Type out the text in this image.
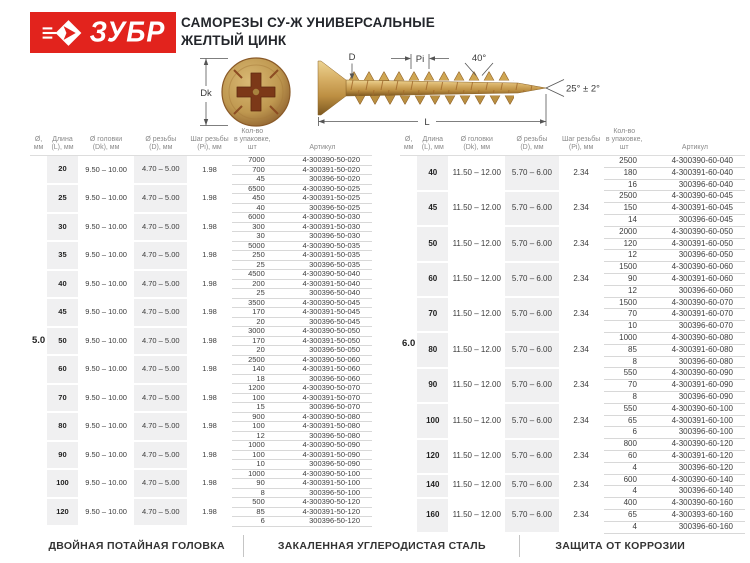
ЗУБР САМОРЕЗЫ СУ-Ж УНИВЕРСАЛЬНЫЕ
ЖЕЛТЫЙ ЦИНК
Dk
D	Pi	40°
25° ± 2°
L
Ø,
мм

Длина
(L), мм

Ø головки
(Dk), мм

Ø резьбы
(D), мм

Шаг резьбы
(Pi), мм

Кол-во
в упаковке, шт	Артикул

5.0	20	9.50 – 10.00	4.70 – 5.00	1.98	7000	4-300390-50-020
					700	4-300391-50-020
					45	300396-50-020
	25	9.50 – 10.00	4.70 – 5.00	1.98	6500	4-300390-50-025
					450	4-300391-50-025
					40	300396-50-025
	30	9.50 – 10.00	4.70 – 5.00	1.98	6000	4-300390-50-030
					300	4-300391-50-030
					30	300396-50-030
	35	9.50 – 10.00	4.70 – 5.00	1.98	5000	4-300390-50-035
					250	4-300391-50-035
					25	300396-50-035
	40	9.50 – 10.00	4.70 – 5.00	1.98	4500	4-300390-50-040
					200	4-300391-50-040
					25	300396-50-040
	45	9.50 – 10.00	4.70 – 5.00	1.98	3500	4-300390-50-045
					170	4-300391-50-045
					20	300396-50-045
	50	9.50 – 10.00	4.70 – 5.00	1.98	3000	4-300390-50-050
					170	4-300391-50-050
					20	300396-50-050
	60	9.50 – 10.00	4.70 – 5.00	1.98	2500	4-300390-50-060
					140	4-300391-50-060
					18	300396-50-060
	70	9.50 – 10.00	4.70 – 5.00	1.98	1200	4-300390-50-070
					100	4-300391-50-070
					15	300396-50-070
	80	9.50 – 10.00	4.70 – 5.00	1.98	900	4-300390-50-080
					100	4-300391-50-080
					12	300396-50-080
	90	9.50 – 10.00	4.70 – 5.00	1.98	1000	4-300390-50-090
					100	4-300391-50-090
					10	300396-50-090
	100	9.50 – 10.00	4.70 – 5.00	1.98	1000	4-300390-50-100
					90	4-300391-50-100
					8	300396-50-100
	120	9.50 – 10.00	4.70 – 5.00	1.98	500	4-300390-50-120
					85	4-300391-50-120
					6	300396-50-120
Ø,
мм

Длина
(L), мм

Ø головки
(Dk), мм

Ø резьбы
(D), мм

Шаг резьбы
(Pi), мм

Кол-во
в упаковке, шт	Артикул

6.0	40	11.50 – 12.00	5.70 – 6.00	2.34	2500	4-300390-60-040
					180	4-300391-60-040
					16	300396-60-040
	45	11.50 – 12.00	5.70 – 6.00	2.34	2500	4-300390-60-045
					150	4-300391-60-045
					14	300396-60-045
	50	11.50 – 12.00	5.70 – 6.00	2.34	2000	4-300390-60-050
					120	4-300391-60-050
					12	300396-60-050
	60	11.50 – 12.00	5.70 – 6.00	2.34	1500	4-300390-60-060
					90	4-300391-60-060
					12	300396-60-060
	70	11.50 – 12.00	5.70 – 6.00	2.34	1500	4-300390-60-070
					70	4-300391-60-070
					10	300396-60-070
	80	11.50 – 12.00	5.70 – 6.00	2.34	1000	4-300390-60-080
					85	4-300391-60-080
					8	300396-60-080
	90	11.50 – 12.00	5.70 – 6.00	2.34	550	4-300390-60-090
					70	4-300391-60-090
					8	300396-60-090
	100	11.50 – 12.00	5.70 – 6.00	2.34	550	4-300390-60-100
					65	4-300391-60-100
					6	300396-60-100
	120	11.50 – 12.00	5.70 – 6.00	2.34	800	4-300390-60-120
					60	4-300391-60-120
					4	300396-60-120
	140	11.50 – 12.00	5.70 – 6.00	2.34	600	4-300390-60-140
					4	300396-60-140
	160	11.50 – 12.00	5.70 – 6.00	2.34	400	4-300390-60-160
					65	4-300393-60-160
					4	300396-60-160
ДВОЙНАЯ ПОТАЙНАЯ ГОЛОВКА	ЗАКАЛЕННАЯ УГЛЕРОДИСТАЯ СТАЛЬ	ЗАЩИТА ОТ КОРРОЗИИ
